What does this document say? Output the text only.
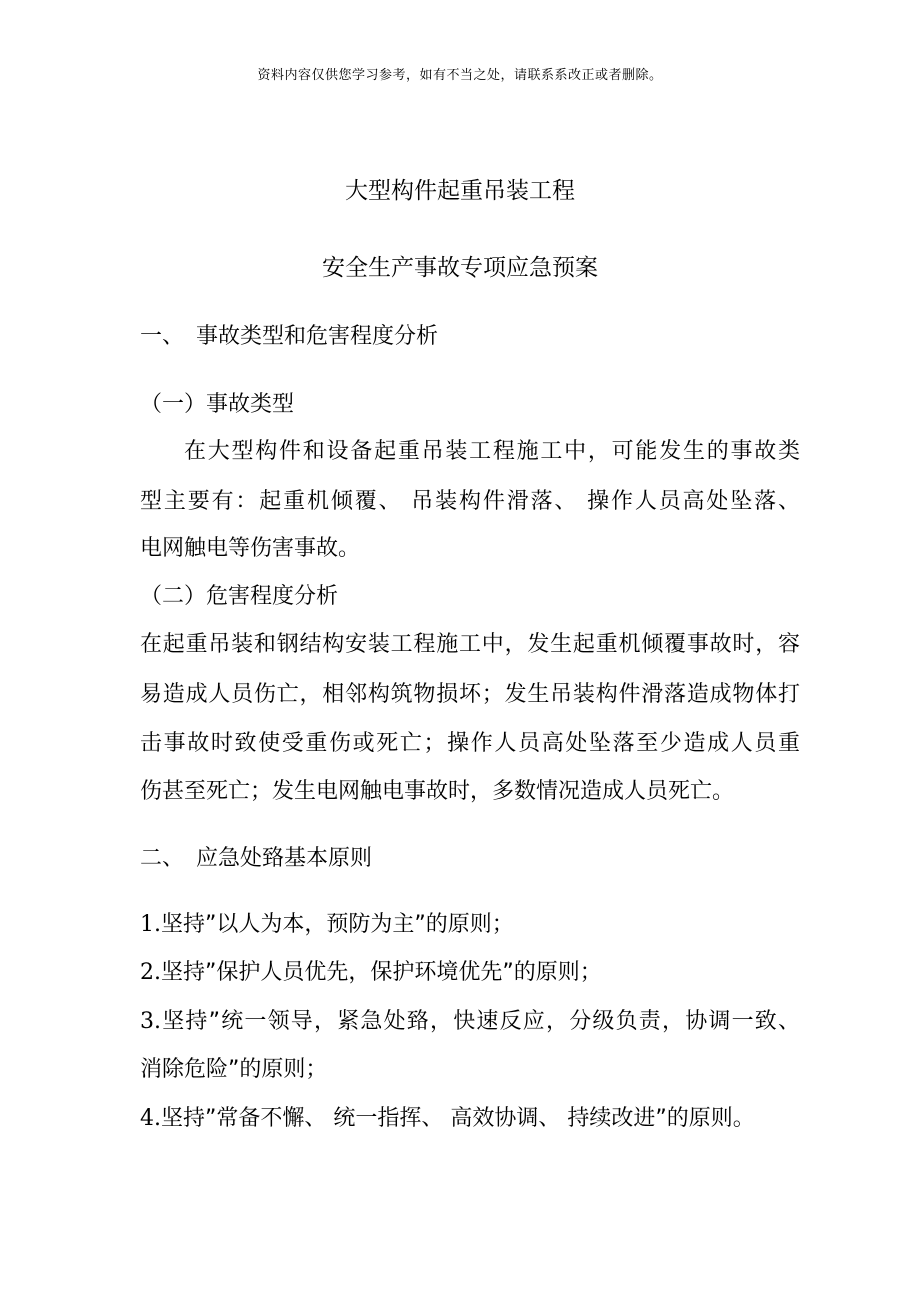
资料内容仅供您学习参考，如有不当之处，请联系系改正或者删除。
大型构件起重吊装工程
安全生产事故专项应急预案
一、 事故类型和危害程度分析
（一）事故类型
在大型构件和设备起重吊装工程施工中，可能发生的事故类
型主要有：起重机倾覆、 吊装构件滑落、 操作人员高处坠落、
电网触电等伤害事故。
（二）危害程度分析
在起重吊装和钢结构安装工程施工中，发生起重机倾覆事故时，容
易造成人员伤亡，相邻构筑物损坏；发生吊装构件滑落造成物体打
击事故时致使受重伤或死亡；操作人员高处坠落至少造成人员重
伤甚至死亡；发生电网触电事故时，多数情况造成人员死亡。
二、 应急处臵基本原则
1.坚持”以人为本，预防为主”的原则；
2.坚持”保护人员优先，保护环境优先”的原则；
3.坚持”统一领导，紧急处臵，快速反应，分级负责，协调一致、
消除危险”的原则；
4.坚持”常备不懈、 统一指挥、 高效协调、 持续改进”的原则。
